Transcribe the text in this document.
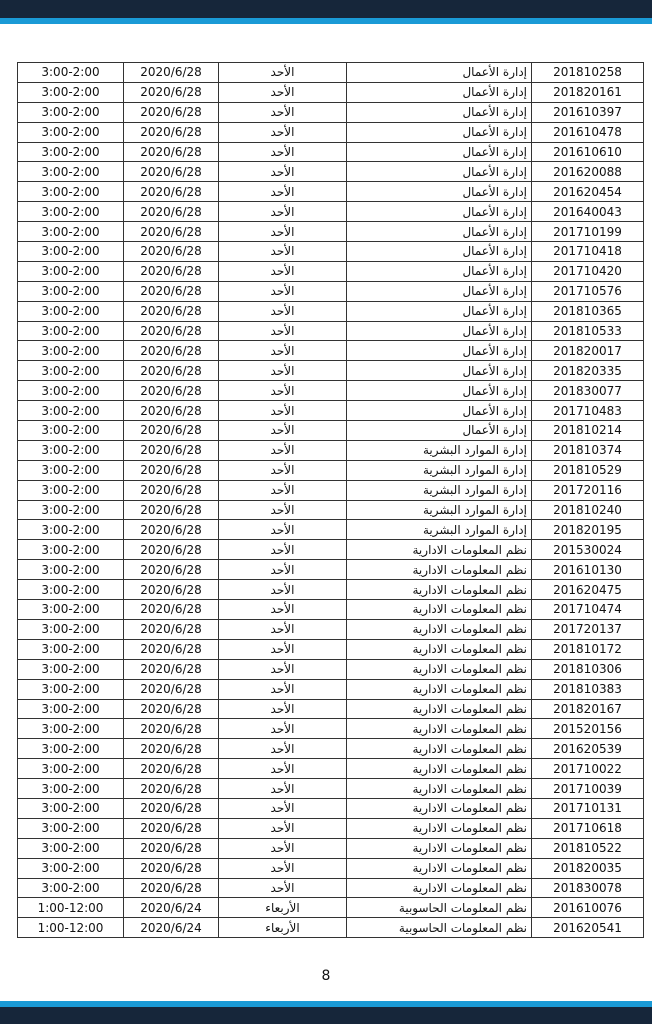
3:00-2:00	2020/6/28	الأحد	إدارة الأعمال	201810258
3:00-2:00	2020/6/28	الأحد	إدارة الأعمال	201820161
3:00-2:00	2020/6/28	الأحد	إدارة الأعمال	201610397
3:00-2:00	2020/6/28	الأحد	إدارة الأعمال	201610478
3:00-2:00	2020/6/28	الأحد	إدارة الأعمال	201610610
3:00-2:00	2020/6/28	الأحد	إدارة الأعمال	201620088
3:00-2:00	2020/6/28	الأحد	إدارة الأعمال	201620454
3:00-2:00	2020/6/28	الأحد	إدارة الأعمال	201640043
3:00-2:00	2020/6/28	الأحد	إدارة الأعمال	201710199
3:00-2:00	2020/6/28	الأحد	إدارة الأعمال	201710418
3:00-2:00	2020/6/28	الأحد	إدارة الأعمال	201710420
3:00-2:00	2020/6/28	الأحد	إدارة الأعمال	201710576
3:00-2:00	2020/6/28	الأحد	إدارة الأعمال	201810365
3:00-2:00	2020/6/28	الأحد	إدارة الأعمال	201810533
3:00-2:00	2020/6/28	الأحد	إدارة الأعمال	201820017
3:00-2:00	2020/6/28	الأحد	إدارة الأعمال	201820335
3:00-2:00	2020/6/28	الأحد	إدارة الأعمال	201830077
3:00-2:00	2020/6/28	الأحد	إدارة الأعمال	201710483
3:00-2:00	2020/6/28	الأحد	إدارة الأعمال	201810214
3:00-2:00	2020/6/28	الأحد	إدارة الموارد البشرية	201810374
3:00-2:00	2020/6/28	الأحد	إدارة الموارد البشرية	201810529
3:00-2:00	2020/6/28	الأحد	إدارة الموارد البشرية	201720116
3:00-2:00	2020/6/28	الأحد	إدارة الموارد البشرية	201810240
3:00-2:00	2020/6/28	الأحد	إدارة الموارد البشرية	201820195
3:00-2:00	2020/6/28	الأحد	نظم المعلومات الادارية	201530024
3:00-2:00	2020/6/28	الأحد	نظم المعلومات الادارية	201610130
3:00-2:00	2020/6/28	الأحد	نظم المعلومات الادارية	201620475
3:00-2:00	2020/6/28	الأحد	نظم المعلومات الادارية	201710474
3:00-2:00	2020/6/28	الأحد	نظم المعلومات الادارية	201720137
3:00-2:00	2020/6/28	الأحد	نظم المعلومات الادارية	201810172
3:00-2:00	2020/6/28	الأحد	نظم المعلومات الادارية	201810306
3:00-2:00	2020/6/28	الأحد	نظم المعلومات الادارية	201810383
3:00-2:00	2020/6/28	الأحد	نظم المعلومات الادارية	201820167
3:00-2:00	2020/6/28	الأحد	نظم المعلومات الادارية	201520156
3:00-2:00	2020/6/28	الأحد	نظم المعلومات الادارية	201620539
3:00-2:00	2020/6/28	الأحد	نظم المعلومات الادارية	201710022
3:00-2:00	2020/6/28	الأحد	نظم المعلومات الادارية	201710039
3:00-2:00	2020/6/28	الأحد	نظم المعلومات الادارية	201710131
3:00-2:00	2020/6/28	الأحد	نظم المعلومات الادارية	201710618
3:00-2:00	2020/6/28	الأحد	نظم المعلومات الادارية	201810522
3:00-2:00	2020/6/28	الأحد	نظم المعلومات الادارية	201820035
3:00-2:00	2020/6/28	الأحد	نظم المعلومات الادارية	201830078
1:00-12:00	2020/6/24	الأربعاء	نظم المعلومات الحاسوبية	201610076
1:00-12:00	2020/6/24	الأربعاء	نظم المعلومات الحاسوبية	201620541
8
